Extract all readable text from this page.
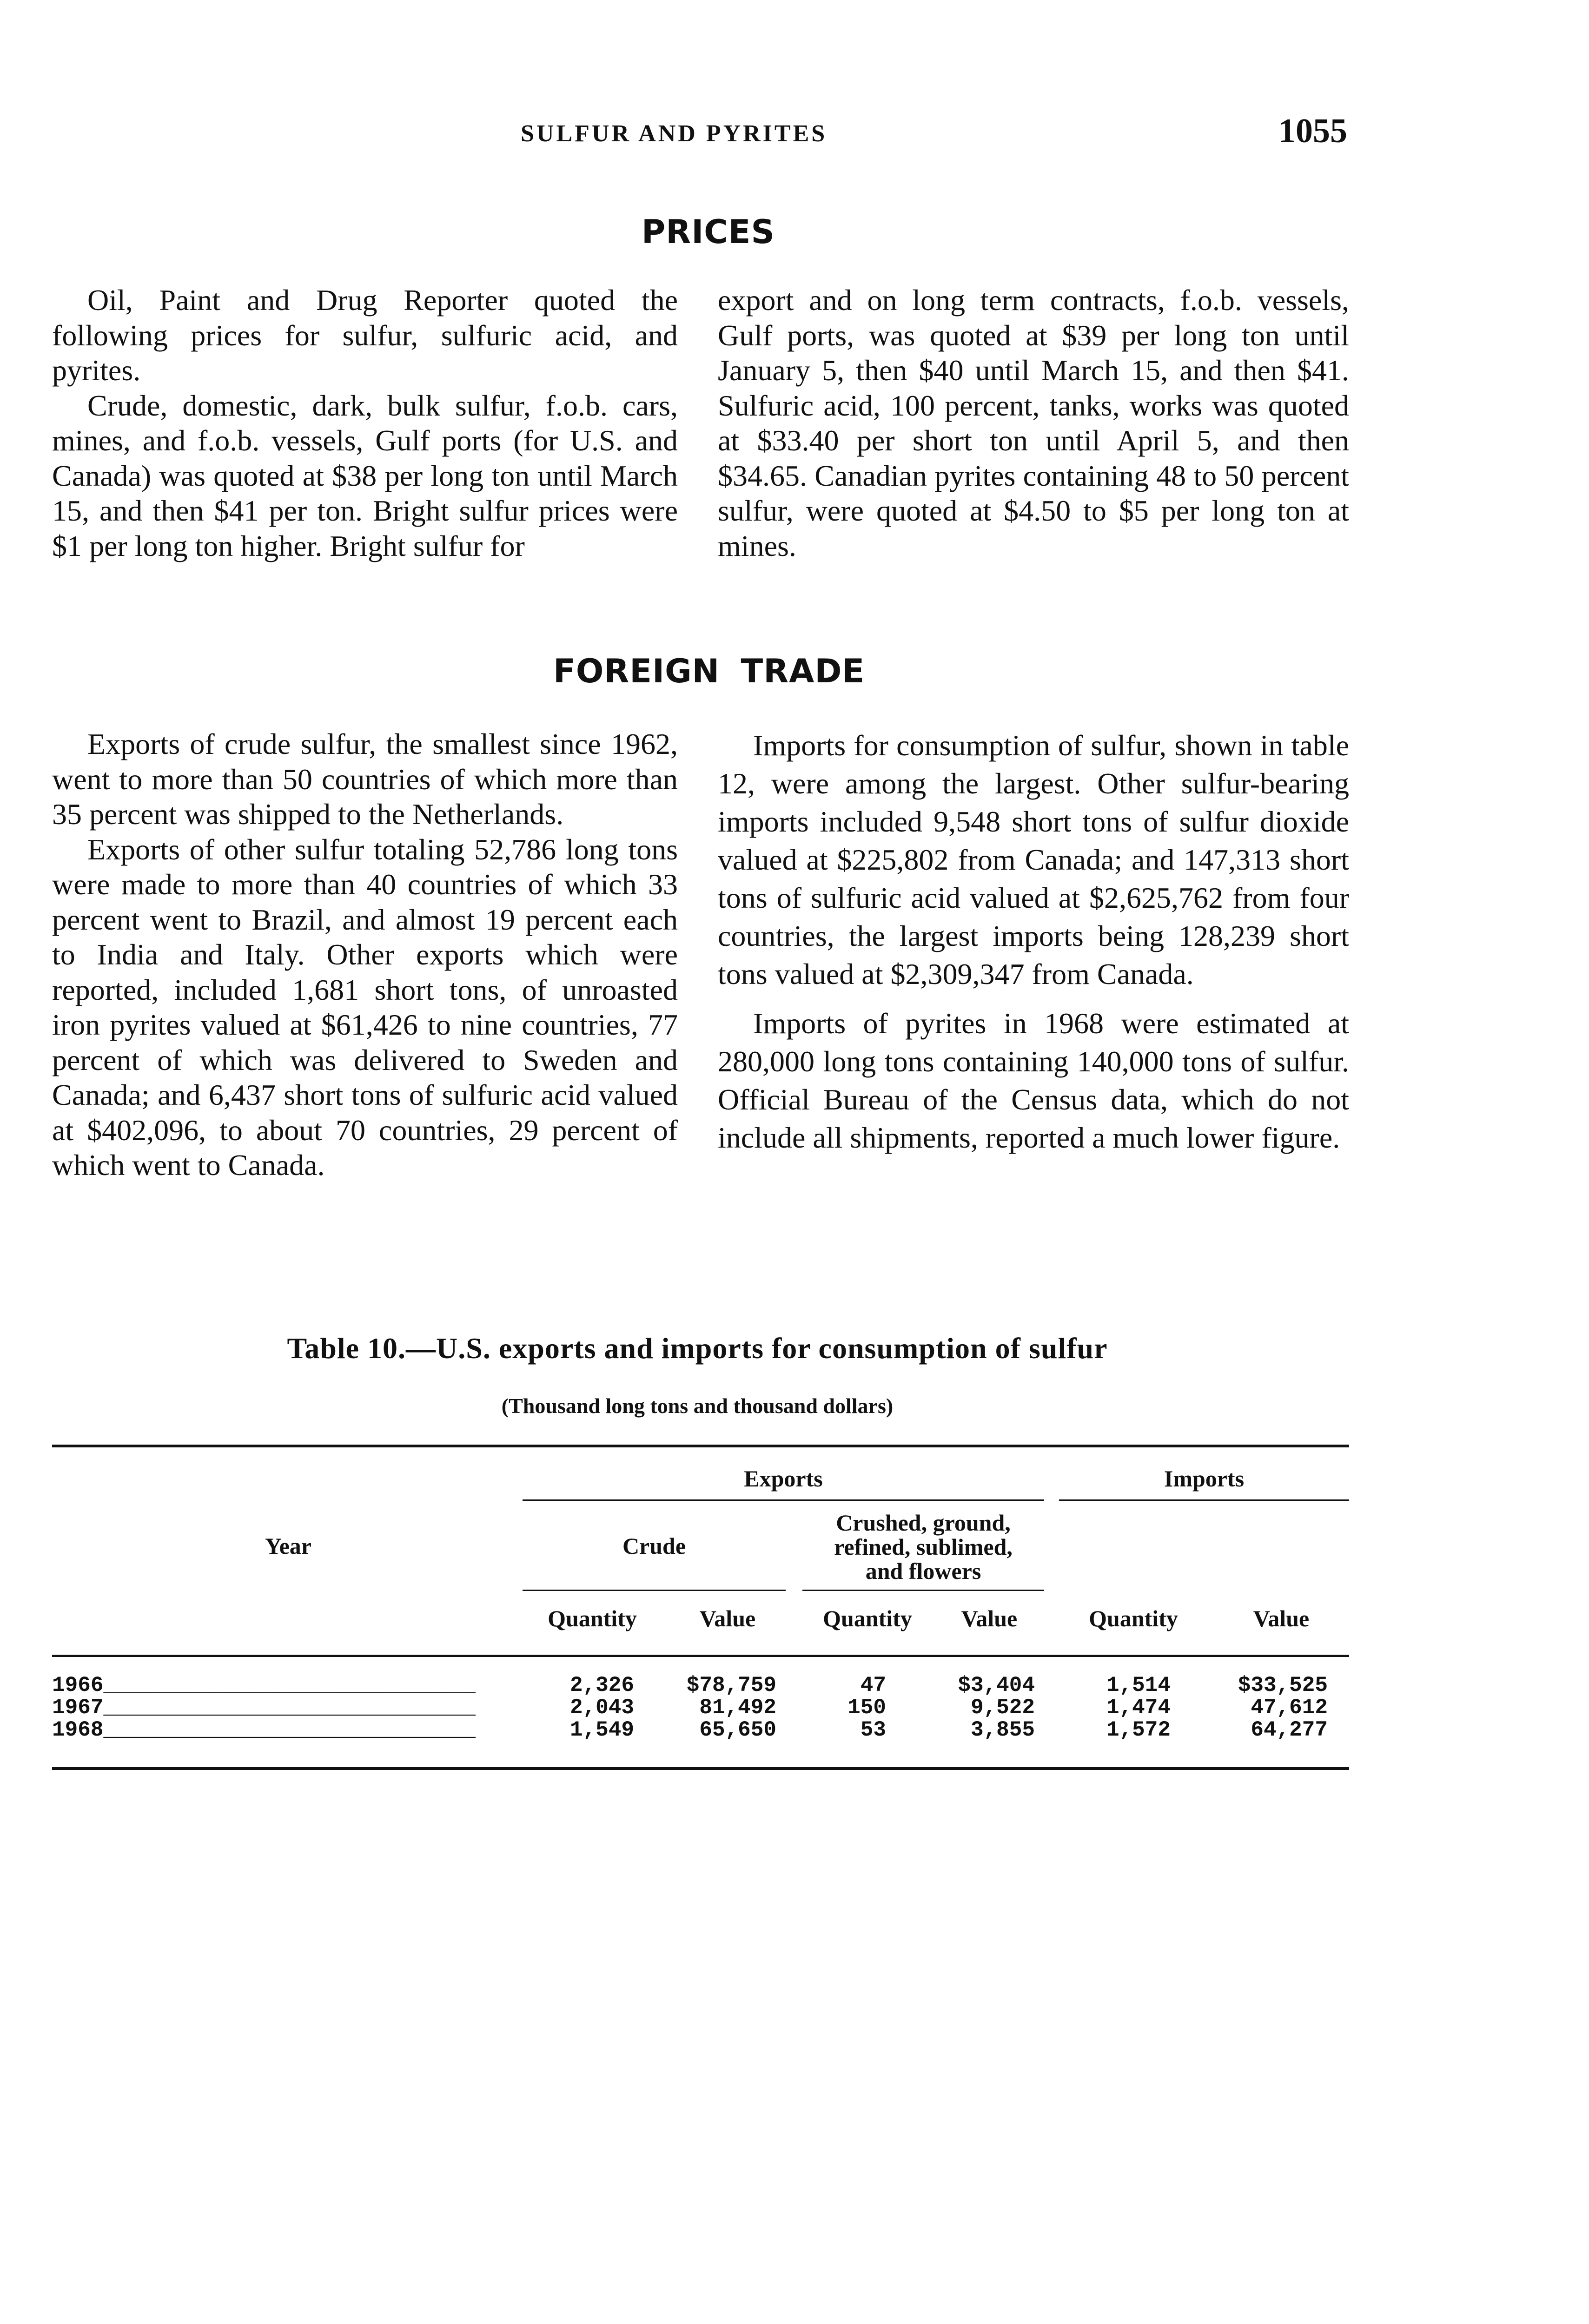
SULFUR AND PYRITES	1055
PRICES

Oil, Paint and Drug Reporter quoted the following prices for sulfur, sulfuric acid, and pyrites.

Crude, domestic, dark, bulk sulfur, f.o.b. cars, mines, and f.o.b. vessels, Gulf ports (for U.S. and Canada) was quoted at $38 per long ton until March 15, and then $41 per ton. Bright sulfur prices were $1 per long ton higher. Bright sulfur for

export and on long term contracts, f.o.b. vessels, Gulf ports, was quoted at $39 per long ton until January 5, then $40 until March 15, and then $41. Sulfuric acid, 100 percent, tanks, works was quoted at $33.40 per short ton until April 5, and then $34.65. Canadian pyrites containing 48 to 50 percent sulfur, were quoted at $4.50 to $5 per long ton at mines.

FOREIGN TRADE

Exports of crude sulfur, the smallest since 1962, went to more than 50 countries of which more than 35 percent was shipped to the Netherlands.

Exports of other sulfur totaling 52,786 long tons were made to more than 40 countries of which 33 percent went to Brazil, and almost 19 percent each to India and Italy. Other exports which were reported, included 1,681 short tons, of unroasted iron pyrites valued at $61,426 to nine countries, 77 percent of which was delivered to Sweden and Canada; and 6,437 short tons of sulfuric acid valued at $402,096, to about 70 countries, 29 percent of which went to Canada.

Imports for consumption of sulfur, shown in table 12, were among the largest. Other sulfur-bearing imports included 9,548 short tons of sulfur dioxide valued at $225,802 from Canada; and 147,313 short tons of sulfuric acid valued at $2,625,762 from four countries, the largest imports being 128,239 short tons valued at $2,309,347 from Canada.

Imports of pyrites in 1968 were estimated at 280,000 long tons containing 140,000 tons of sulfur. Official Bureau of the Census data, which do not include all shipments, reported a much lower figure.

Table 10.—U.S. exports and imports for consumption of sulfur
(Thousand long tons and thousand dollars)
Year
Exports	Imports
Crude
Crushed, ground,
refined, sublimed,
and flowers
Quantity	Value	Quantity	Value	Quantity	Value
1966_____________________________	2,326	$78,759	47	$3,404	1,514	$33,525
1967_____________________________	2,043	81,492	150	9,522	1,474	47,612
1968_____________________________	1,549	65,650	53	3,855	1,572	64,277
